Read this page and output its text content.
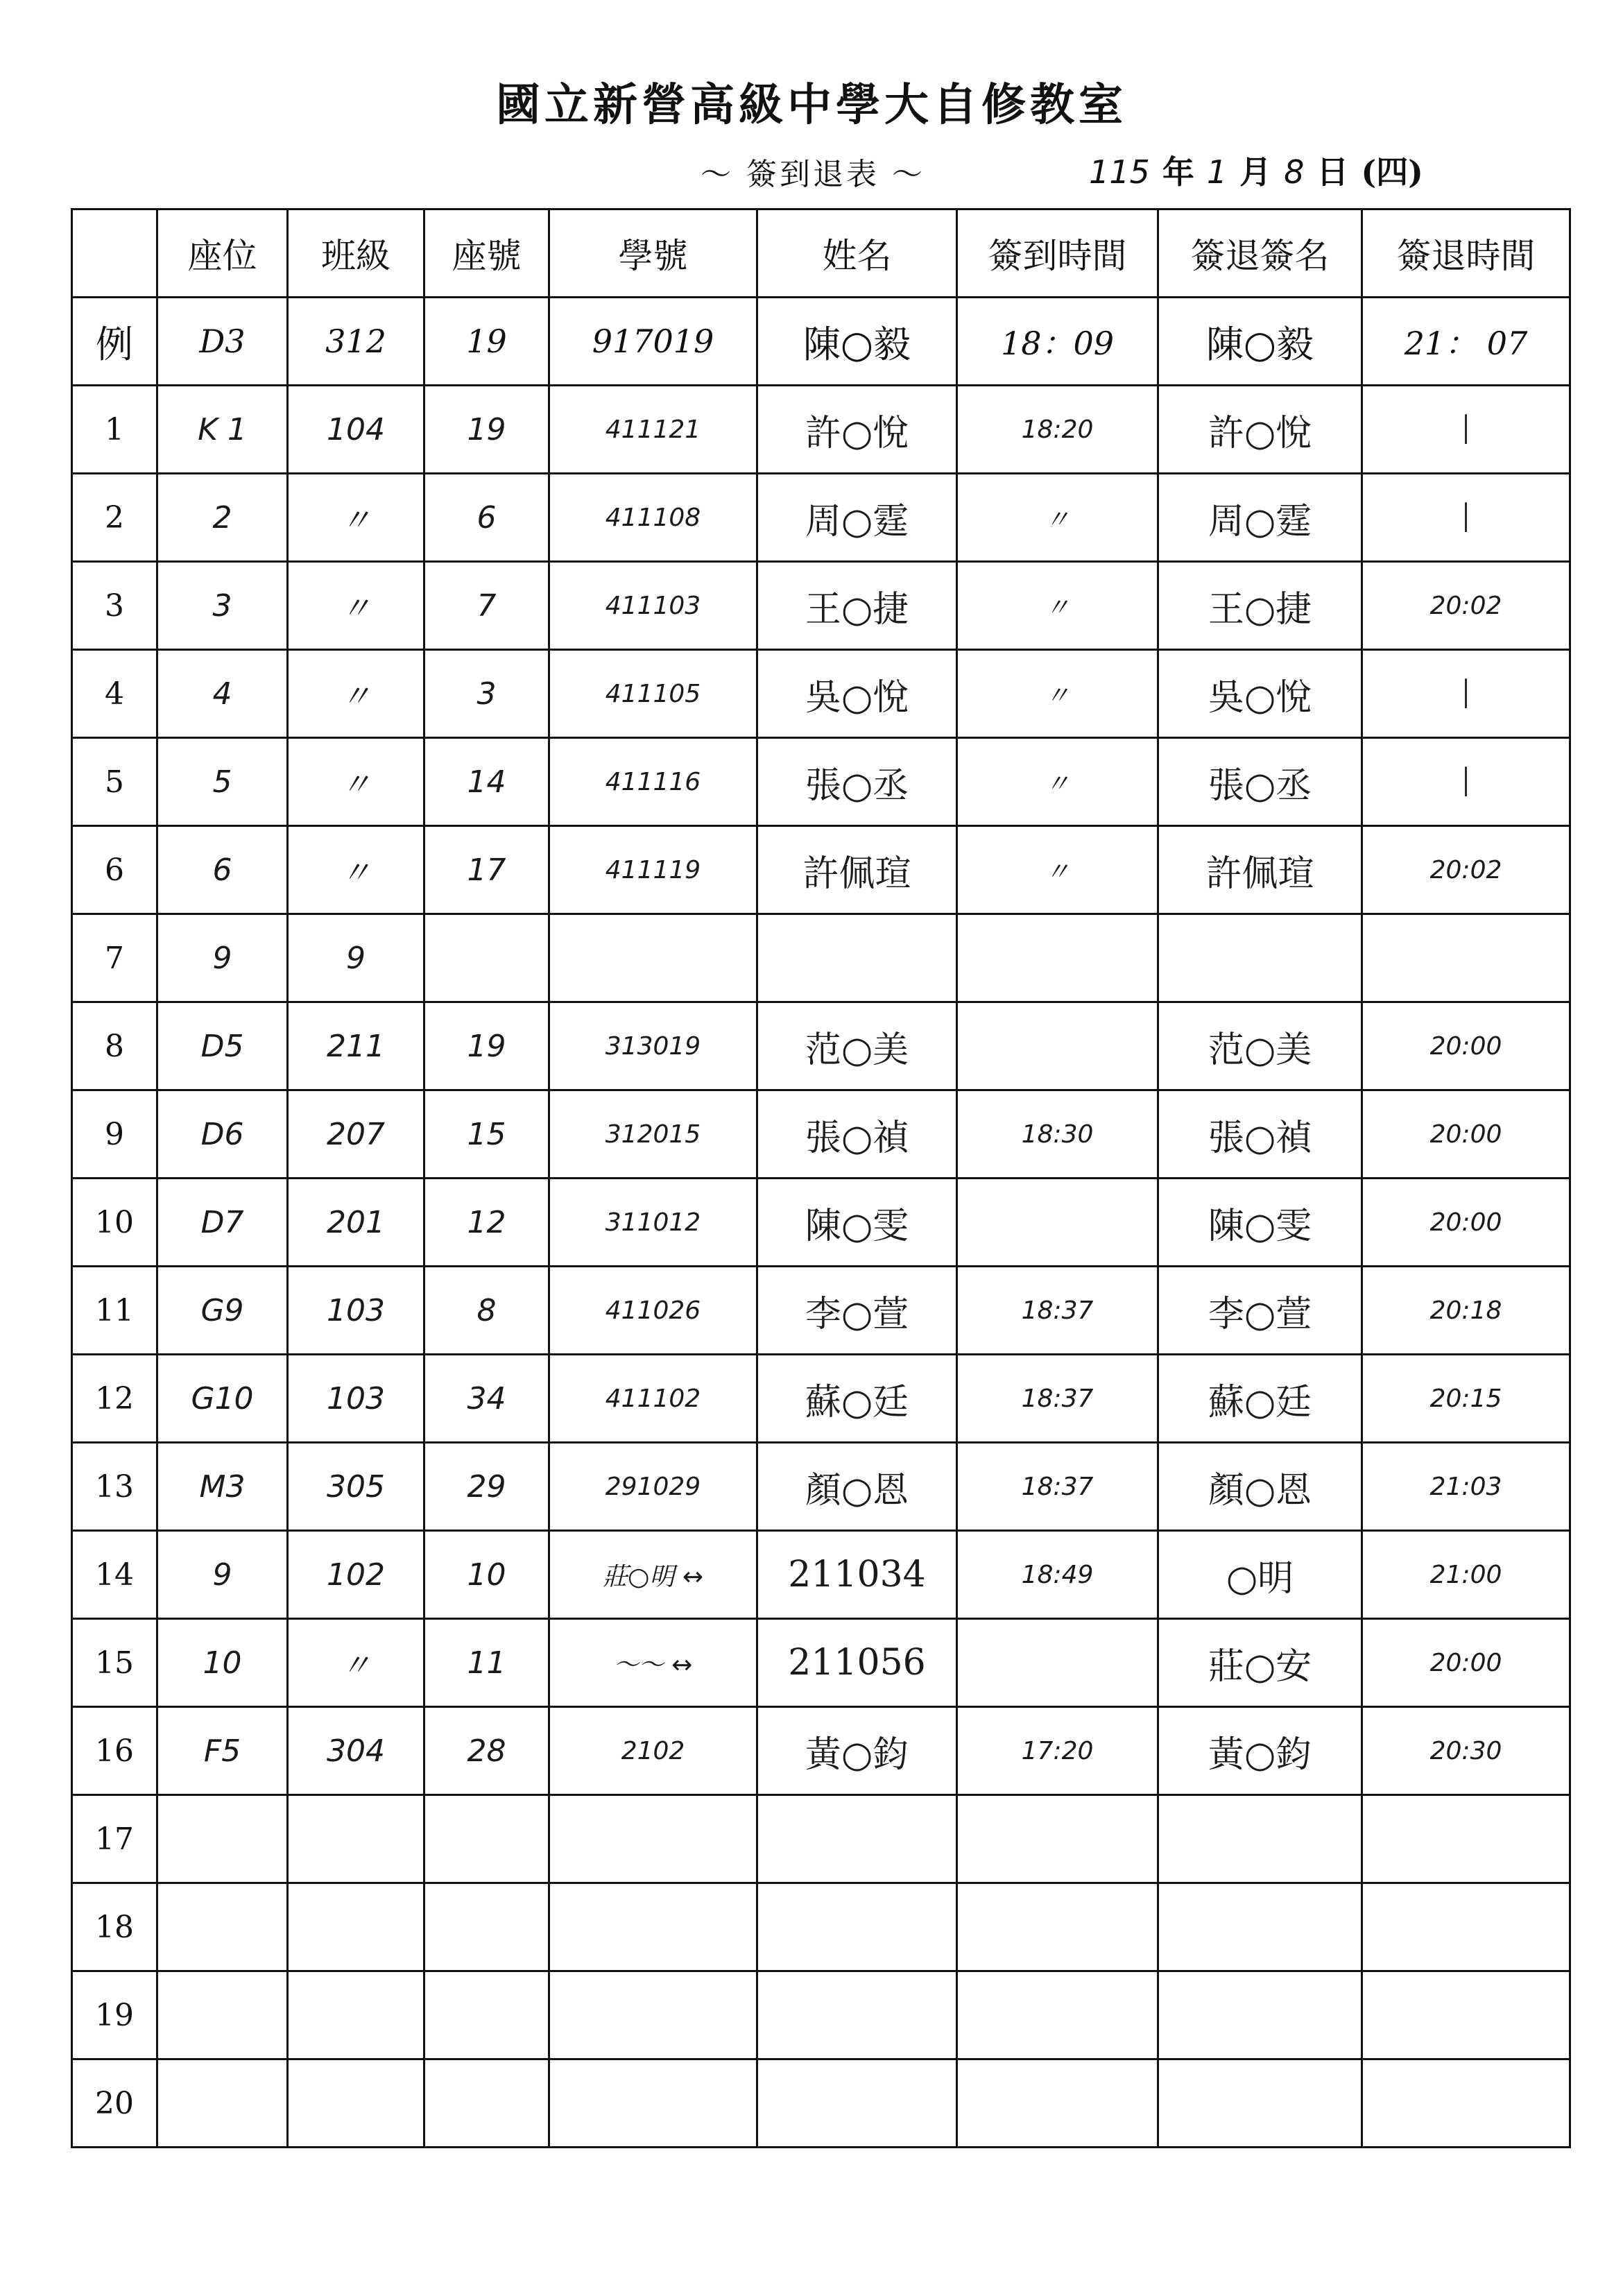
國立新營高級中學大自修教室
～ 簽到退表 ～	115 年 1 月 8 日 (四)
	座位	班級	座號	學號	姓名	簽到時間	簽退簽名	簽退時間
例	D3	312	19	917019	陳○毅	18：09	陳○毅	21： 07
1	K 1	104	19	411121	許○悅	18:20	許○悅	│
2	2	〃	6	411108	周○霆	〃	周○霆	│
3	3	〃	7	411103	王○捷	〃	王○捷	20:02
4	4	〃	3	411105	吳○悅	〃	吳○悅	│
5	5	〃	14	411116	張○丞	〃	張○丞	│
6	6	〃	17	411119	許佩瑄	〃	許佩瑄	20:02
7	9	9						
8	D5	211	19	313019	范○美		范○美	20:00
9	D6	207	15	312015	張○禎	18:30	張○禎	20:00
10	D7	201	12	311012	陳○雯		陳○雯	20:00
11	G9	103	8	411026	李○萱	18:37	李○萱	20:18
12	G10	103	34	411102	蘇○廷	18:37	蘇○廷	20:15
13	M3	305	29	291029	顏○恩	18:37	顏○恩	21:03
14	9	102	10	莊○明 ↔	211034	18:49	○明	21:00
15	10	〃	11	～～ ↔	211056		莊○安	20:00
16	F5	304	28	2102	黃○鈞	17:20	黃○鈞	20:30
17								
18								
19								
20								
